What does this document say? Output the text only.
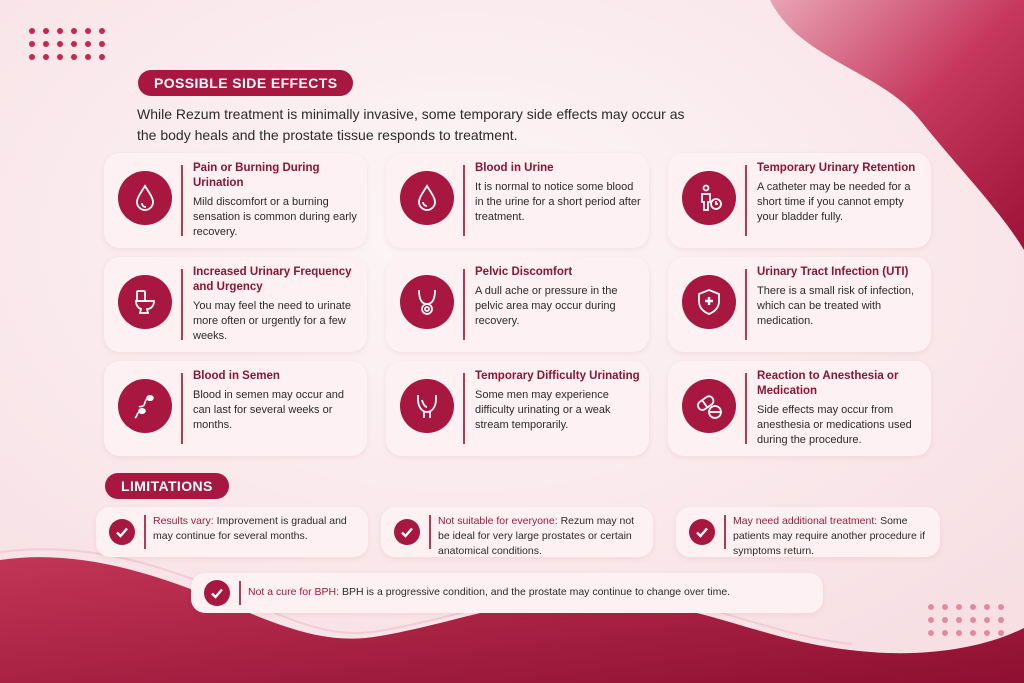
POSSIBLE SIDE EFFECTS
While Rezum treatment is minimally invasive, some temporary side effects may occur as the body heals and the prostate tissue responds to treatment.
Pain or Burning During Urination
Mild discomfort or a burning sensation is common during early recovery.
Blood in Urine
It is normal to notice some blood in the urine for a short period after treatment.
Temporary Urinary Retention
A catheter may be needed for a short time if you cannot empty your bladder fully.
Increased Urinary Frequency and Urgency
You may feel the need to urinate more often or urgently for a few weeks.
Pelvic Discomfort
A dull ache or pressure in the pelvic area may occur during recovery.
Urinary Tract Infection (UTI)
There is a small risk of infection, which can be treated with medication.
Blood in Semen
Blood in semen may occur and can last for several weeks or months.
Temporary Difficulty Urinating
Some men may experience difficulty urinating or a weak stream temporarily.
Reaction to Anesthesia or Medication
Side effects may occur from anesthesia or medications used during the procedure.
LIMITATIONS
Results vary: Improvement is gradual and may continue for several months.
Not suitable for everyone: Rezum may not be ideal for very large prostates or certain anatomical conditions.
May need additional treatment: Some patients may require another procedure if symptoms return.
Not a cure for BPH: BPH is a progressive condition, and the prostate may continue to change over time.
